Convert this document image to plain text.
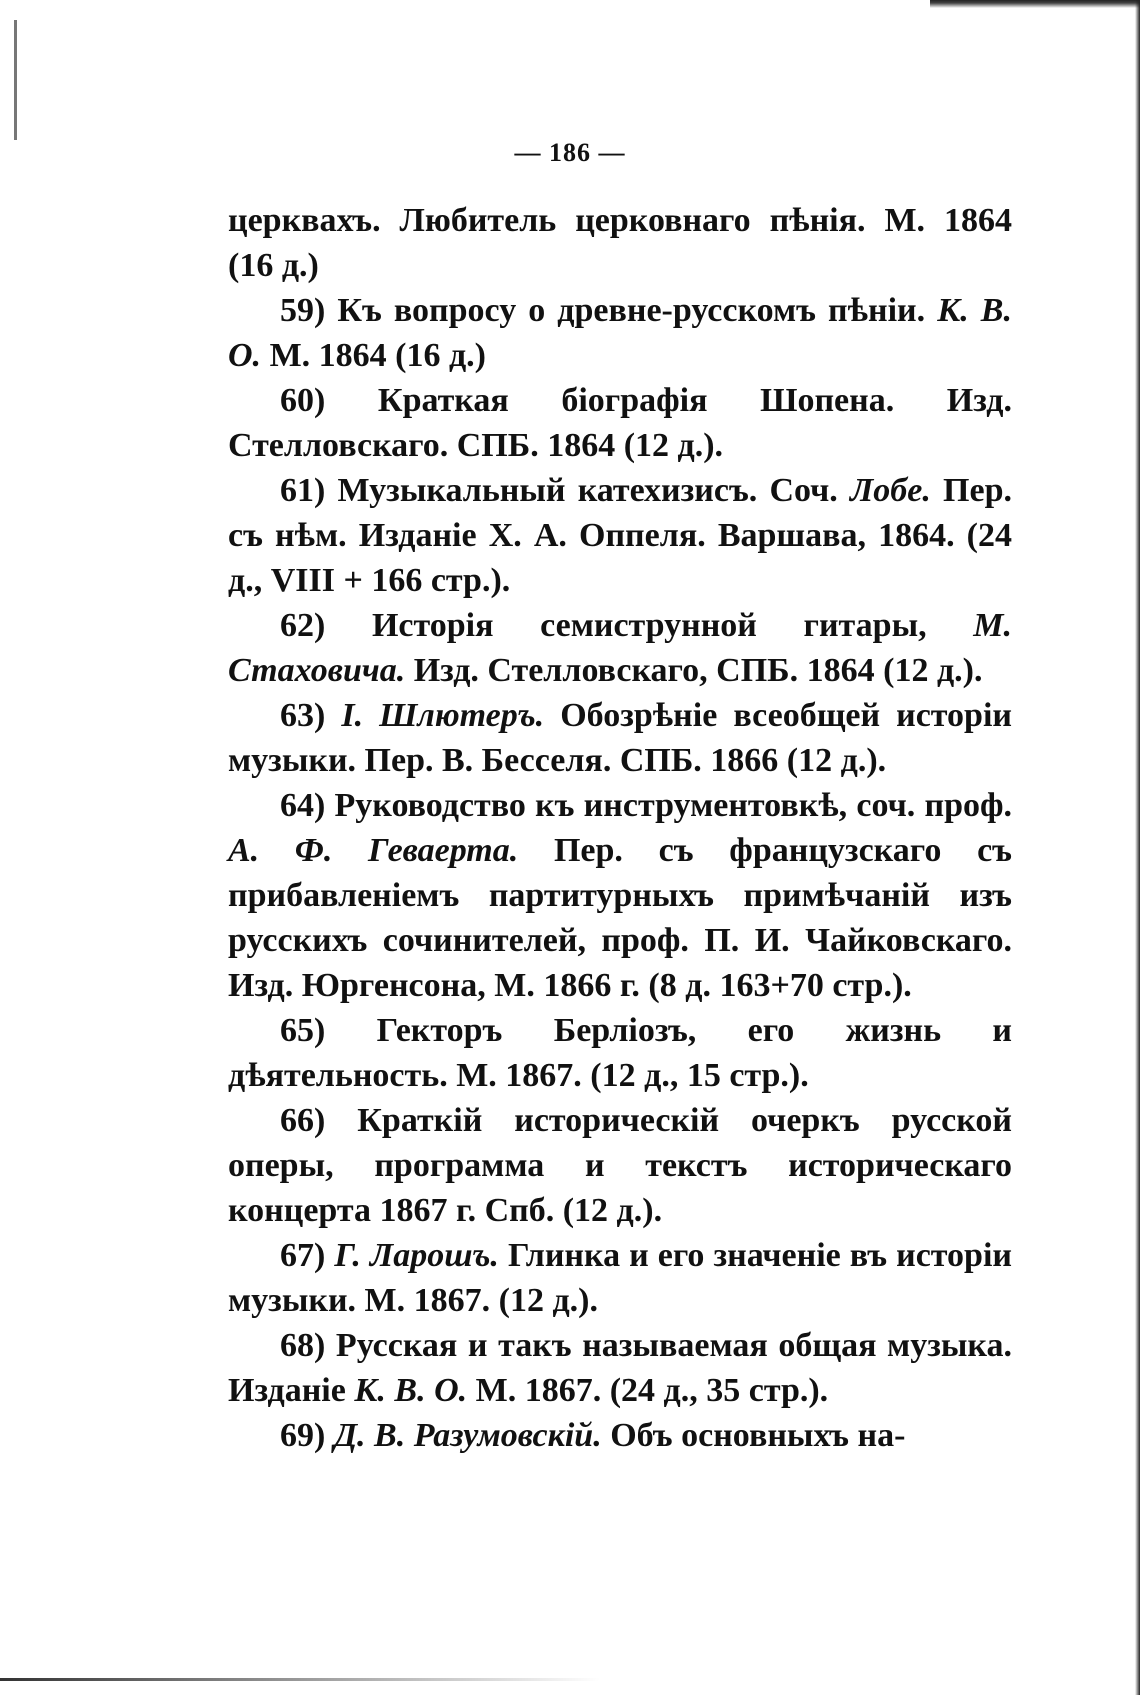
— 186 —

церквахъ. Любитель церковнаго пѣнія. М. 1864 (16 д.)

59) Къ вопросу о древне-русскомъ пѣніи. К. В. О. М. 1864 (16 д.)

60) Краткая біографія Шопена. Изд. Стелловскаго. СПБ. 1864 (12 д.).

61) Музыкальный катехизисъ. Соч. Лобе. Пер. съ нѣм. Изданіе X. А. Оппеля. Варшава, 1864. (24 д., VIII + 166 стр.).

62) Исторія семиструнной гитары, М. Стаховича. Изд. Стелловскаго, СПБ. 1864 (12 д.).

63) I. Шлютеръ. Обозрѣніе всеобщей исторіи музыки. Пер. В. Бесселя. СПБ. 1866 (12 д.).

64) Руководство къ инструментовкѣ, соч. проф. А. Ф. Геваерта. Пер. съ французскаго съ прибавленіемъ партитурныхъ примѣчаній изъ русскихъ сочинителей, проф. П. И. Чайковскаго. Изд. Юргенсона, М. 1866 г. (8 д. 163+70 стр.).

65) Гекторъ Берліозъ, его жизнь и дѣятельность. М. 1867. (12 д., 15 стр.).

66) Краткій историческій очеркъ русской оперы, программа и текстъ историческаго концерта 1867 г. Спб. (12 д.).

67) Г. Ларошъ. Глинка и его значеніе въ исторіи музыки. М. 1867. (12 д.).

68) Русская и такъ называемая общая музыка. Изданіе К. В. О. М. 1867. (24 д., 35 стр.).

69) Д. В. Разумовскій. Объ основныхъ на-
